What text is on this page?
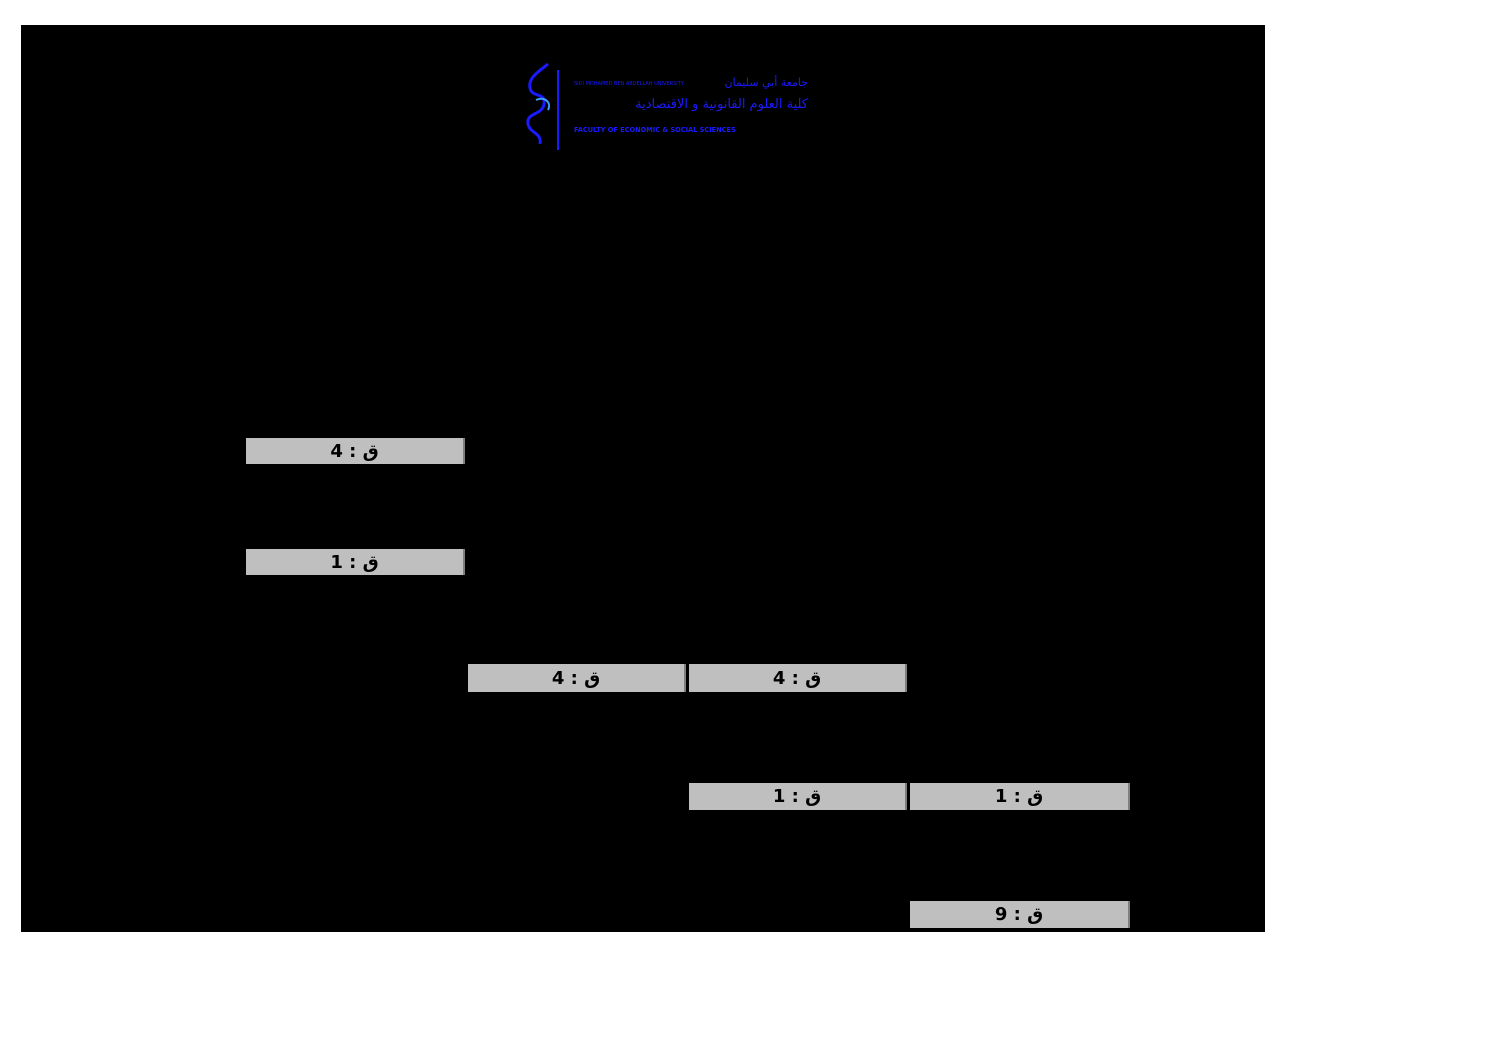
جامعة أبي سليمان
SIDI MOHAMED BEN ABDELLAH UNIVERSITY
كلية العلوم القانونية و الاقتصادية
FACULTY OF ECONOMIC & SOCIAL SCIENCES
ق : 4
ق : 1
ق : 4	ق : 4
ق : 1	ق : 1
ق : 9
